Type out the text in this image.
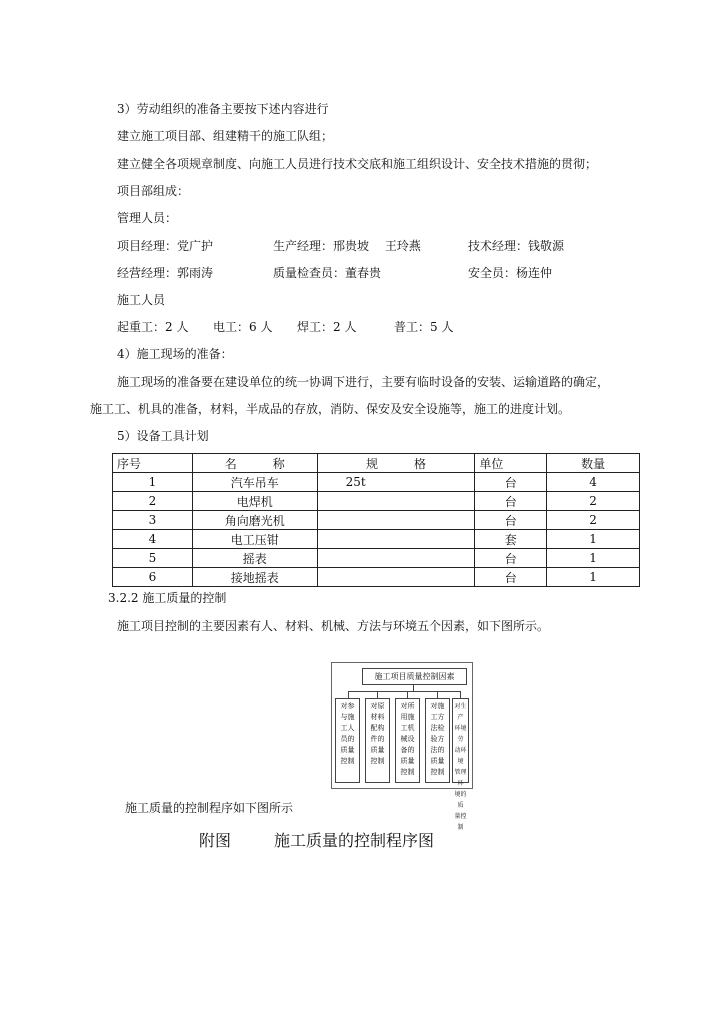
3）劳动组织的准备主要按下述内容进行
建立施工项目部、组建精干的施工队组；
建立健全各项规章制度、向施工人员进行技术交底和施工组织设计、安全技术措施的贯彻；
项目部组成：
管理人员：
项目经理：党广护	生产经理：邢贵坡　 王玲燕	技术经理：钱敬源
经营经理：郭雨涛	质量检查员：董春贵	安全员：杨连仲
施工人员
起重工：2 人 电工：6 人 焊工：2 人	普工：5 人
4）施工现场的准备：
施工现场的准备要在建设单位的统一协调下进行，主要有临时设备的安装、运输道路的确定，
施工工、机具的准备，材料，半成品的存放，消防、保安及安全设施等，施工的进度计划。
5）设备工具计划
序号	名　　　称	规　　　格	单位	数量
1	汽车吊车	25t	台	4
2	电焊机		台	2
3	角向磨光机		台	2
4	电工压钳		套	1
5	摇表		台	1
6	接地摇表		台	1
3.2.2 施工质量的控制
施工项目控制的主要因素有人、材料、机械、方法与环境五个因素，如下图所示。
施工项目质量控制因素
对参
与施
工人
员的
质量
控制
对原
材料
配构
件的
质量
控制
对所
用施
工机
械设
备的
质量
控制
对施
工方
法检
验方
法的
质量
控制
对生产
环境劳
动环境
管理环
境的质
量控制
施工质量的控制程序如下图所示
附图	施工质量的控制程序图
